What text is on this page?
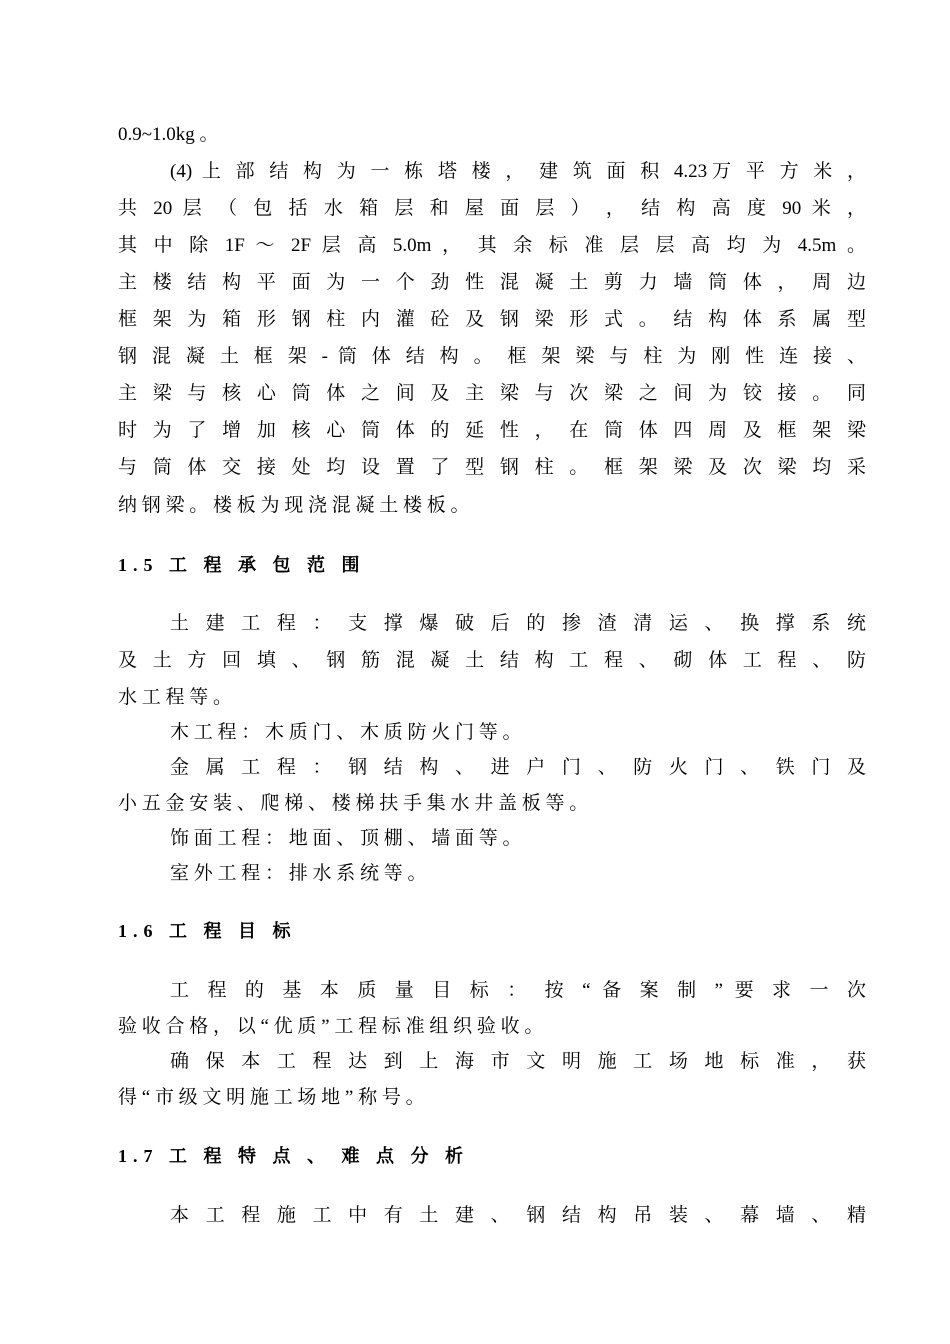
0.9~1.0kg 。
(4) 上 部 结 构 为 一 栋 塔 楼 ， 建 筑 面 积 4.23万 平 方 米 ，
共 20 层 （ 包 括 水 箱 层 和 屋 面 层 ） ， 结 构 高 度 90 米 ，
其 中 除 1F ～ 2F 层 高 5.0m ， 其 余 标 准 层 层 高 均 为 4.5m 。
主 楼 结 构 平 面 为 一 个 劲 性 混 凝 土 剪 力 墙 筒 体 ， 周 边
框 架 为 箱 形 钢 柱 内 灌 砼 及 钢 梁 形 式 。 结 构 体 系 属 型
钢 混 凝 土 框 架 - 筒 体 结 构 。 框 架 梁 与 柱 为 刚 性 连 接 、
主 梁 与 核 心 筒 体 之 间 及 主 梁 与 次 梁 之 间 为 铰 接 。 同
时 为 了 增 加 核 心 筒 体 的 延 性 ， 在 筒 体 四 周 及 框 架 梁
与 筒 体 交 接 处 均 设 置 了 型 钢 柱 。 框 架 梁 及 次 梁 均 采
纳 钢 梁 。 楼 板 为 现 浇 混 凝 土 楼 板 。
1.5 工 程 承 包 范 围
土 建 工 程 ： 支 撑 爆 破 后 的 掺 渣 清 运 、 换 撑 系 统
及 土 方 回 填 、 钢 筋 混 凝 土 结 构 工 程 、 砌 体 工 程 、 防
水 工 程 等 。
木 工 程 ： 木 质 门 、 木 质 防 火 门 等 。
金 属 工 程 ： 钢 结 构 、 进 户 门 、 防 火 门 、 铁 门 及
小 五 金 安 装 、 爬 梯 、 楼 梯 扶 手 集 水 井 盖 板 等 。
饰 面 工 程 ： 地 面 、 顶 棚 、 墙 面 等 。
室 外 工 程 ： 排 水 系 统 等 。
1.6 工 程 目 标
工 程 的 基 本 质 量 目 标 ： 按 “ 备 案 制 ” 要 求 一 次
验 收 合 格 ， 以 “ 优 质 ” 工 程 标 准 组 织 验 收 。
确 保 本 工 程 达 到 上 海 市 文 明 施 工 场 地 标 准 ， 获
得 “ 市 级 文 明 施 工 场 地 ” 称 号 。
1.7 工 程 特 点 、 难 点 分 析
本 工 程 施 工 中 有 土 建 、 钢 结 构 吊 装 、 幕 墙 、 精
